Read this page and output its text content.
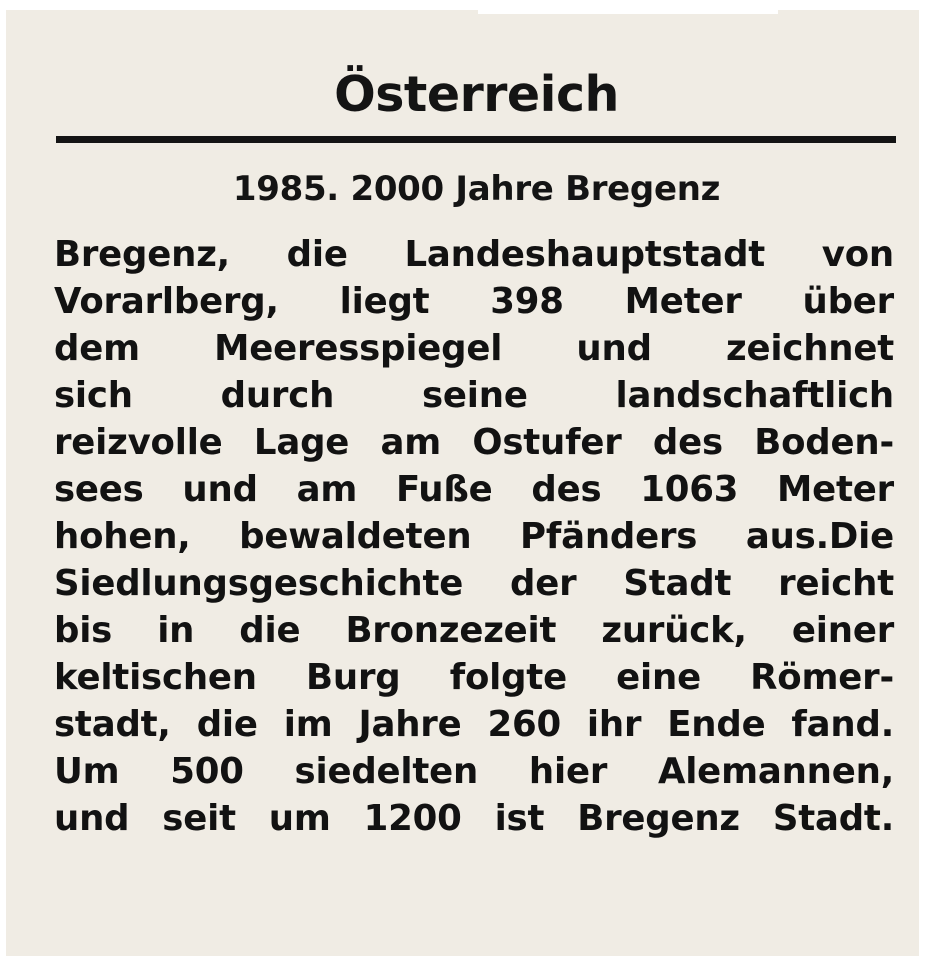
Österreich
1985. 2000 Jahre Bregenz
Bregenz, die Landeshauptstadt von
Vorarlberg, liegt 398 Meter über
dem Meeresspiegel und zeichnet
sich durch seine landschaftlich
reizvolle Lage am Ostufer des Boden-
sees und am Fuße des 1063 Meter
hohen, bewaldeten Pfänders aus.Die
Siedlungsgeschichte der Stadt reicht
bis in die Bronzezeit zurück, einer
keltischen Burg folgte eine Römer-
stadt, die im Jahre 260 ihr Ende fand.
Um 500 siedelten hier Alemannen,
und seit um 1200 ist Bregenz Stadt.
